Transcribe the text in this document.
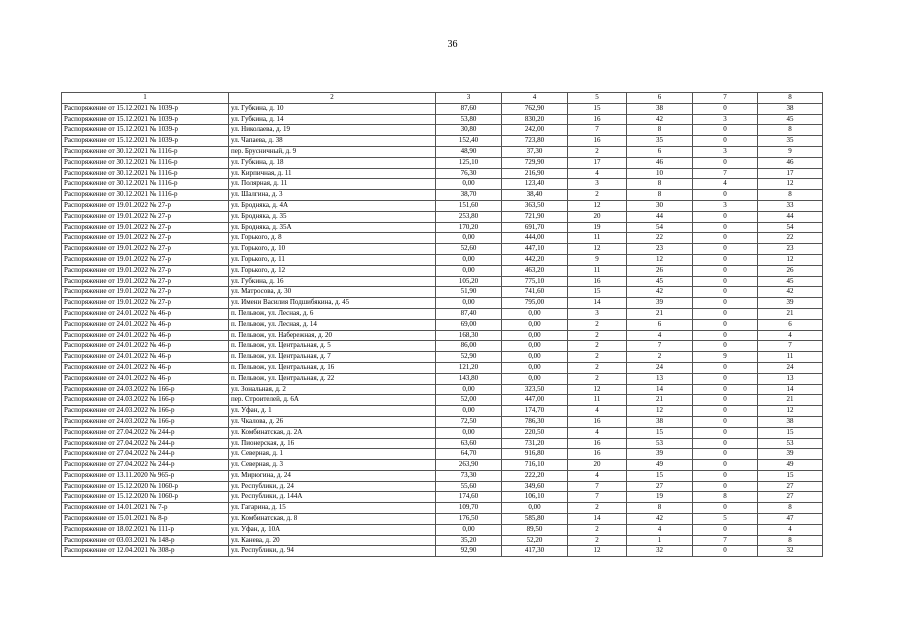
36
1	2	3	4	5	6	7	8
Распоряжение от 15.12.2021 № 1039-р	ул. Губкина, д. 10	87,60	762,90	15	38	0	38
Распоряжение от 15.12.2021 № 1039-р	ул. Губкина, д. 14	53,80	830,20	16	42	3	45
Распоряжение от 15.12.2021 № 1039-р	ул. Николаева, д. 19	30,80	242,00	7	8	0	8
Распоряжение от 15.12.2021 № 1039-р	ул. Чапаева, д. 38	152,40	723,80	16	35	0	35
Распоряжение от 30.12.2021 № 1116-р	пер. Брусничный, д. 9	48,90	37,30	2	6	3	9
Распоряжение от 30.12.2021 № 1116-р	ул. Губкина, д. 18	125,10	729,90	17	46	0	46
Распоряжение от 30.12.2021 № 1116-р	ул. Кирпичная, д. 11	76,30	216,90	4	10	7	17
Распоряжение от 30.12.2021 № 1116-р	ул. Полярная, д. 11	0,00	123,40	3	8	4	12
Распоряжение от 30.12.2021 № 1116-р	ул. Шалгина, д. 3	38,70	38,40	2	8	0	8
Распоряжение от 19.01.2022 № 27-р	ул. Бродняка, д. 4А	151,60	363,50	12	30	3	33
Распоряжение от 19.01.2022 № 27-р	ул. Бродняка, д. 35	253,80	721,90	20	44	0	44
Распоряжение от 19.01.2022 № 27-р	ул. Бродняка, д. 35А	170,20	691,70	19	54	0	54
Распоряжение от 19.01.2022 № 27-р	ул. Горького, д. 8	0,00	444,00	11	22	0	22
Распоряжение от 19.01.2022 № 27-р	ул. Горького, д. 10	52,60	447,10	12	23	0	23
Распоряжение от 19.01.2022 № 27-р	ул. Горького, д. 11	0,00	442,20	9	12	0	12
Распоряжение от 19.01.2022 № 27-р	ул. Горького, д. 12	0,00	463,20	11	26	0	26
Распоряжение от 19.01.2022 № 27-р	ул. Губкина, д. 16	105,20	775,10	16	45	0	45
Распоряжение от 19.01.2022 № 27-р	ул. Матросова, д. 30	51,90	741,60	15	42	0	42
Распоряжение от 19.01.2022 № 27-р	ул. Имени Василия Подшибякина, д. 45	0,00	795,00	14	39	0	39
Распоряжение от 24.01.2022 № 46-р	п. Пельвож, ул. Лесная, д. 6	87,40	0,00	3	21	0	21
Распоряжение от 24.01.2022 № 46-р	п. Пельвож, ул. Лесная, д. 14	69,00	0,00	2	6	0	6
Распоряжение от 24.01.2022 № 46-р	п. Пельвож, ул. Набережная, д. 20	168,30	0,00	2	4	0	4
Распоряжение от 24.01.2022 № 46-р	п. Пельвож, ул. Центральная, д. 5	86,00	0,00	2	7	0	7
Распоряжение от 24.01.2022 № 46-р	п. Пельвож, ул. Центральная, д. 7	52,90	0,00	2	2	9	11
Распоряжение от 24.01.2022 № 46-р	п. Пельвож, ул. Центральная, д. 16	121,20	0,00	2	24	0	24
Распоряжение от 24.01.2022 № 46-р	п. Пельвож, ул. Центральная, д. 22	143,80	0,00	2	13	0	13
Распоряжение от 24.03.2022 № 166-р	ул. Зональная, д. 2	0,00	323,50	12	14	0	14
Распоряжение от 24.03.2022 № 166-р	пер. Строителей, д. 6А	52,00	447,00	11	21	0	21
Распоряжение от 24.03.2022 № 166-р	ул. Уфан, д. 1	0,00	174,70	4	12	0	12
Распоряжение от 24.03.2022 № 166-р	ул. Чкалова, д. 26	72,50	786,30	16	38	0	38
Распоряжение от 27.04.2022 № 244-р	ул. Комбинатская, д. 2А	0,00	220,50	4	15	0	15
Распоряжение от 27.04.2022 № 244-р	ул. Пионерская, д. 16	63,60	731,20	16	53	0	53
Распоряжение от 27.04.2022 № 244-р	ул. Северная, д. 1	64,70	916,80	16	39	0	39
Распоряжение от 27.04.2022 № 244-р	ул. Северная, д. 3	263,90	716,10	20	49	0	49
Распоряжение от 13.11.2020 № 965-р	ул. Мирюгина, д. 24	73,30	222,20	4	15	0	15
Распоряжение от 15.12.2020 № 1060-р	ул. Республики, д. 24	55,60	349,60	7	27	0	27
Распоряжение от 15.12.2020 № 1060-р	ул. Республики, д. 144А	174,60	106,10	7	19	8	27
Распоряжение от 14.01.2021 № 7-р	ул. Гагарина, д. 15	109,70	0,00	2	8	0	8
Распоряжение от 15.01.2021 № 8-р	ул. Комбинатская, д. 8	176,50	585,80	14	42	5	47
Распоряжение от 18.02.2021 № 111-р	ул. Уфан, д. 10А	0,00	89,50	2	4	0	4
Распоряжение от 03.03.2021 № 148-р	ул. Канева, д. 20	35,20	52,20	2	1	7	8
Распоряжение от 12.04.2021 № 308-р	ул. Республики, д. 94	92,90	417,30	12	32	0	32
